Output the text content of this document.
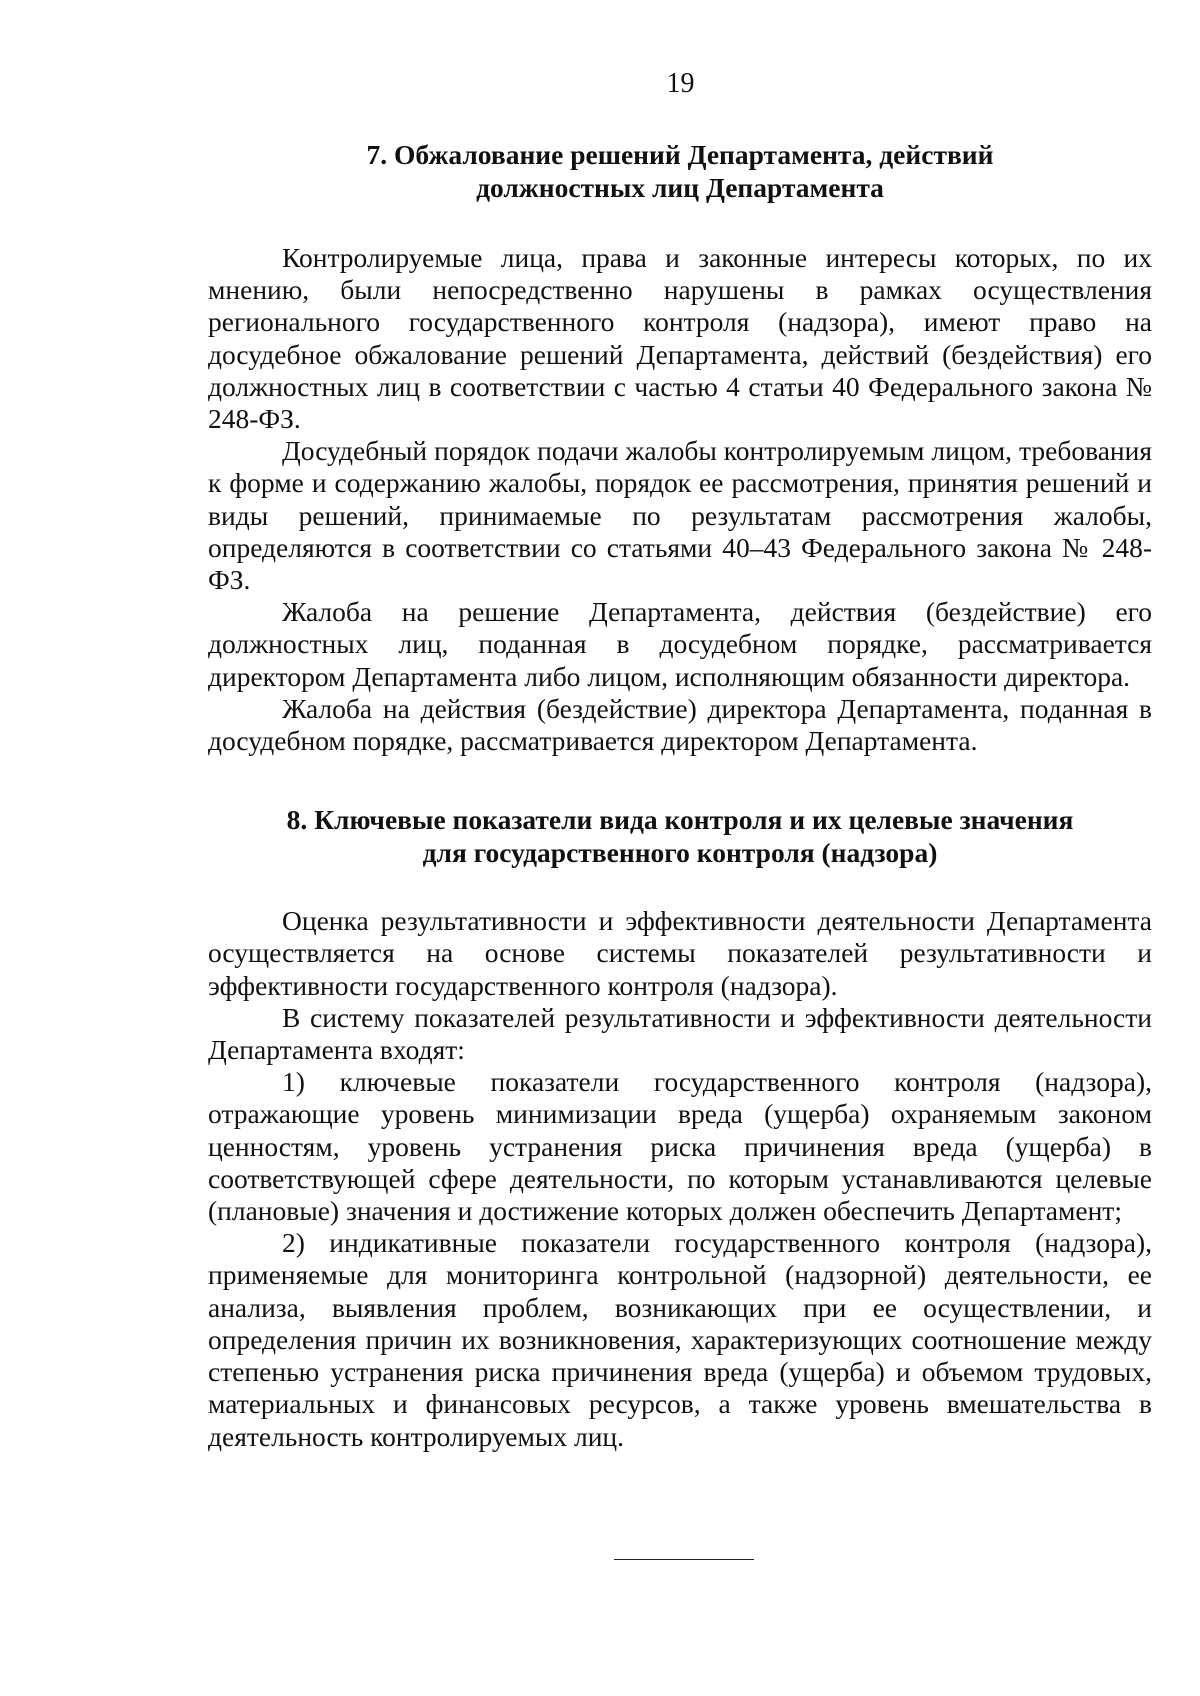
19
7. Обжалование решений Департамента, действий
должностных лиц Департамента

Контролируемые лица, права и законные интересы которых, по их мнению, были непосредственно нарушены в рамках осуществления регионального государственного контроля (надзора), имеют право на досудебное обжалование решений Департамента, действий (бездействия) его должностных лиц в соответствии с частью 4 статьи 40 Федерального закона № 248-ФЗ.

Досудебный порядок подачи жалобы контролируемым лицом, требования к форме и содержанию жалобы, порядок ее рассмотрения, принятия решений и виды решений, принимаемые по результатам рассмотрения жалобы, определяются в соответствии со статьями 40–43 Федерального закона № 248-ФЗ.

Жалоба на решение Департамента, действия (бездействие) его должностных лиц, поданная в досудебном порядке, рассматривается директором Департамента либо лицом, исполняющим обязанности директора.

Жалоба на действия (бездействие) директора Департамента, поданная в досудебном порядке, рассматривается директором Департамента.

8. Ключевые показатели вида контроля и их целевые значения
для государственного контроля (надзора)

Оценка результативности и эффективности деятельности Департамента осуществляется на основе системы показателей результативности и эффективности государственного контроля (надзора).

В систему показателей результативности и эффективности деятельности Департамента входят:

1) ключевые показатели государственного контроля (надзора), отражающие уровень минимизации вреда (ущерба) охраняемым законом ценностям, уровень устранения риска причинения вреда (ущерба) в соответствующей сфере деятельности, по которым устанавливаются целевые (плановые) значения и достижение которых должен обеспечить Департамент;

2) индикативные показатели государственного контроля (надзора), применяемые для мониторинга контрольной (надзорной) деятельности, ее анализа, выявления проблем, возникающих при ее осуществлении, и определения причин их возникновения, характеризующих соотношение между степенью устранения риска причинения вреда (ущерба) и объемом трудовых, материальных и финансовых ресурсов, а также уровень вмешательства в деятельность контролируемых лиц.
